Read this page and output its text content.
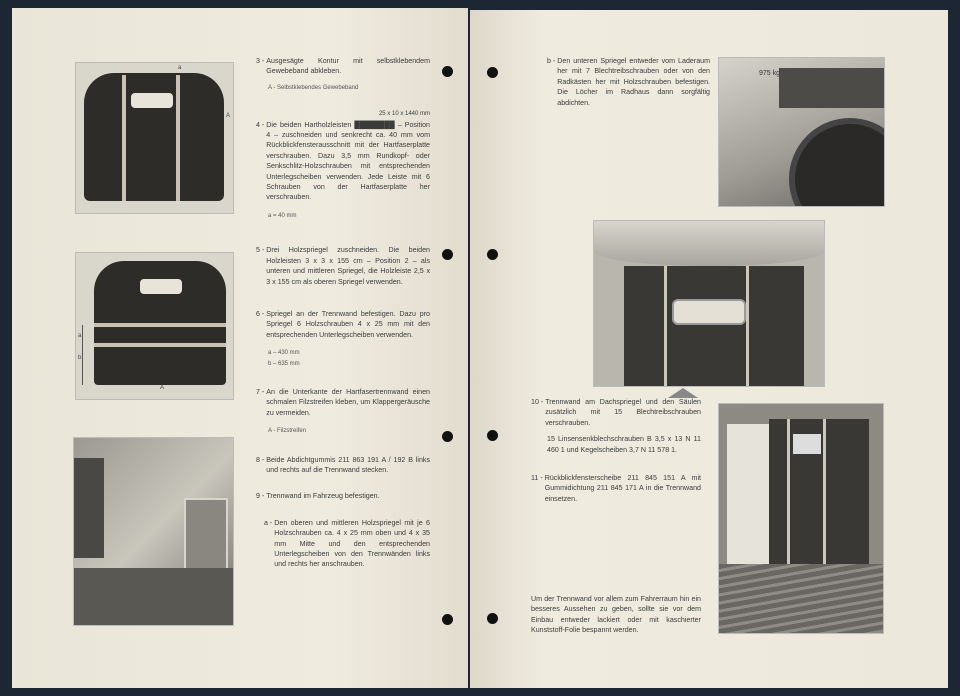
a
A
a
b
A
3 - Ausgesägte Kontur mit selbstklebendem Gewebeband abkleben.
A - Selbstklebendes Gewebeband
25 x 10 x 1440 mm
4 - Die beiden Hartholzleisten ████████ – Position 4 – zuschneiden und senkrecht ca. 40 mm vom Rückblickfensterausschnitt mit der Hartfaserplatte verschrauben. Dazu 3,5 mm Rundkopf- oder Senkschlitz-Holzschrauben mit entsprechenden Unterlegscheiben verwenden. Jede Leiste mit 6 Schrauben von der Hartfaserplatte her verschrauben.
a = 40 mm
5 - Drei Holzspriegel zuschneiden. Die beiden Holzleisten 3 x 3 x 155 cm – Position 2 – als unteren und mittleren Spriegel, die Holzleiste 2,5 x 3 x 155 cm als oberen Spriegel verwenden.
6 - Spriegel an der Trennwand befestigen. Dazu pro Spriegel 6 Holzschrauben 4 x 25 mm mit den entsprechenden Unterlegscheiben verwenden.
a – 430 mm
b – 635 mm
7 - An die Unterkante der Hartfasertrennwand einen schmalen Filzstreifen kleben, um Klappergeräusche zu vermeiden.
A - Filzstreifen
8 - Beide Abdichtgummis 211 863 191 A / 192 B links und rechts auf die Trennwand stecken.
9 - Trennwand im Fahrzeug befestigen.
a - Den oberen und mittleren Holzspriegel mit je 6 Holzschrauben ca. 4 x 25 mm oben und 4 x 35 mm Mitte und den entsprechenden Unterlegscheiben von den Trennwänden links und rechts her anschrauben.
975 kg
b - Den unteren Spriegel entweder vom Laderaum her mit 7 Blechtreibschrauben oder von den Radkästen her mit Holzschrauben befestigen. Die Löcher im Radhaus dann sorgfältig abdichten.
10 - Trennwand am Dachspriegel und den Säulen zusätzlich mit 15 Blechtreibschrauben verschrauben.
15 Linsensenkblechschrauben B 3,5 x 13 N 11 460 1 und Kegelscheiben 3,7 N 11 578 1.
11 - Rückblickfensterscheibe 211 845 151 A mit Gummidichtung 211 845 171 A in die Trennwand einsetzen.
Um der Trennwand vor allem zum Fahrerraum hin ein besseres Aussehen zu geben, sollte sie vor dem Einbau entweder lackiert oder mit kaschierter Kunststoff-Folie bespannt werden.
